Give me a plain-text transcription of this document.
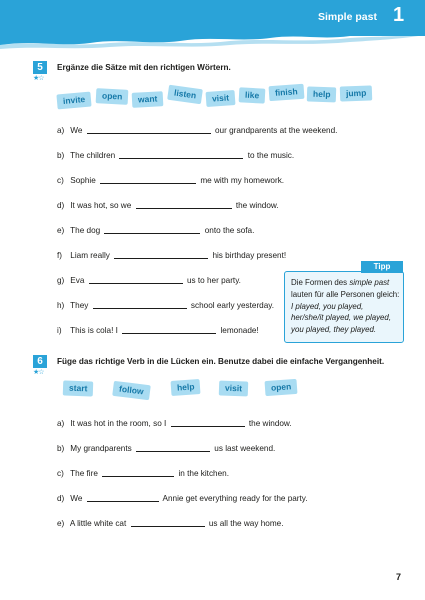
Simple past 1
5
★☆
Ergänze die Sätze mit den richtigen Wörtern.
invite	open	want	listen	visit	like	finish	help	jump
a) We	our grandparents at the weekend.
b) The children	to the music.
c) Sophie	me with my homework.
d) It was hot, so we	the window.
e) The dog	onto the sofa.
f) Liam really	his birthday present!
g) Eva	us to her party.
h) They	school early yesterday.
i) This is cola! I	lemonade!
Tipp
Die Formen des simple past
lauten für alle Personen gleich:
I played, you played,
her/she/it played, we played,
you played, they played.
6
★☆
Füge das richtige Verb in die Lücken ein. Benutze dabei die einfache Vergangenheit.
start	follow	help	visit	open
a) It was hot in the room, so I	the window.
b) My grandparents	us last weekend.
c) The fire	in the kitchen.
d) We	Annie get everything ready for the party.
e) A little white cat	us all the way home.
7
